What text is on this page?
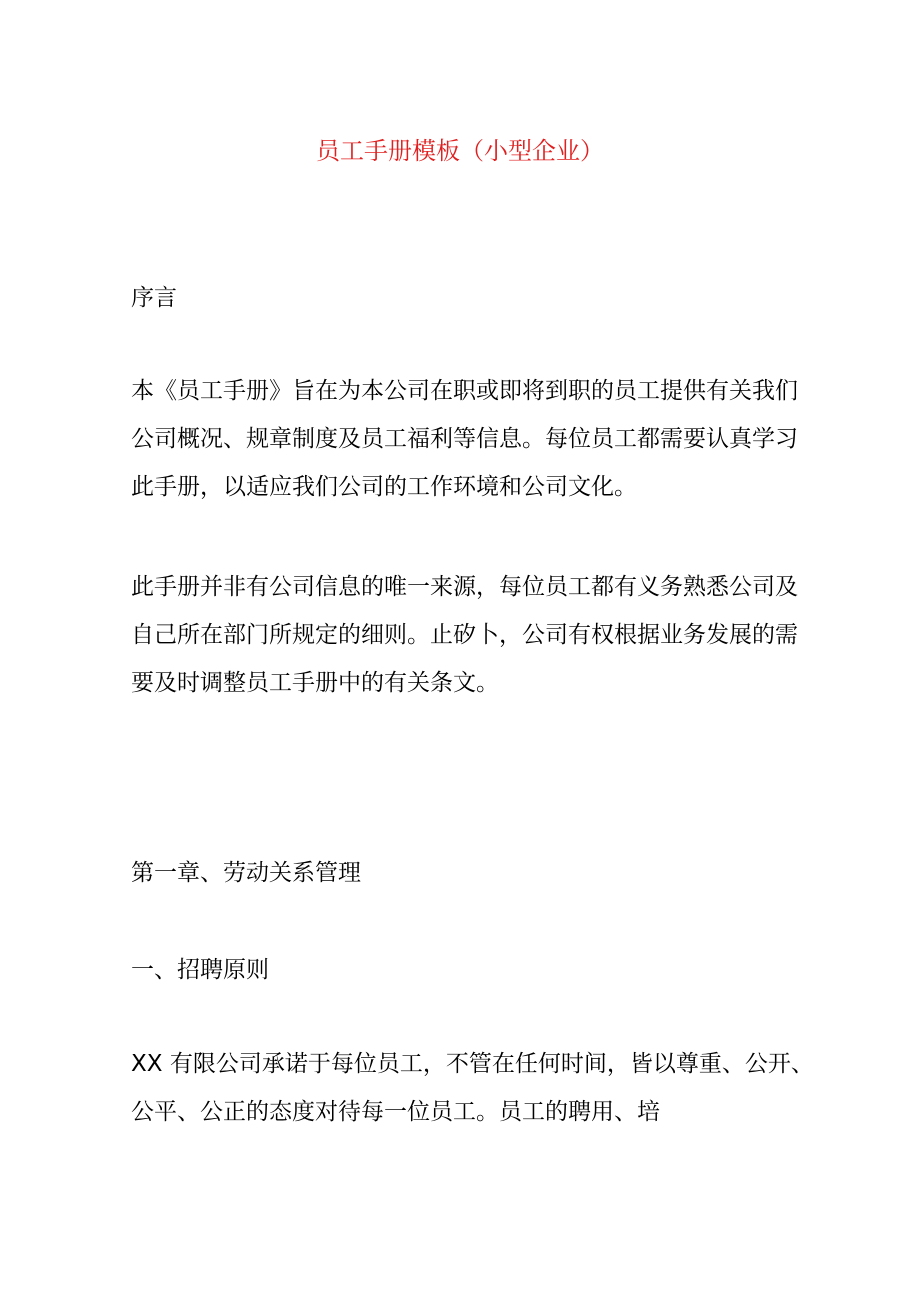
员工手册模板（小型企业）
序言
本《员工手册》旨在为本公司在职或即将到职的员工提供有关我们
公司概况、规章制度及员工福利等信息。每位员工都需要认真学习
此手册，以适应我们公司的工作环境和公司文化。
此手册并非有公司信息的唯一来源，每位员工都有义务熟悉公司及
自己所在部门所规定的细则。止矽卜，公司有权根据业务发展的需
要及时调整员工手册中的有关条文。
第一章、劳动关系管理
一、招聘原则
XX 有限公司承诺于每位员工，不管在任何时间，皆以尊重、公开、
公平、公正的态度对待每一位员工。员工的聘用、培
